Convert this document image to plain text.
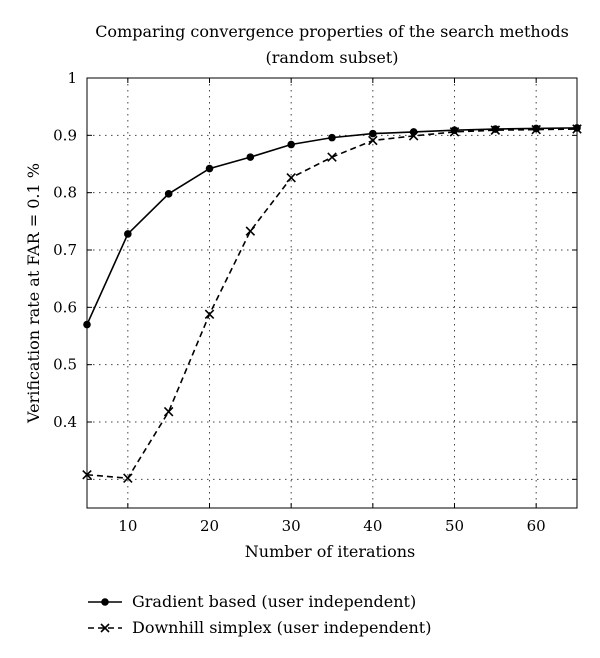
Comparing convergence properties of the search methods
(random subset)
10	20	30	40	50	60
0.4
0.5
0.6
0.7
0.8
0.9
1
Number of iterations
Verification rate at FAR = 0.1 %
Gradient based (user independent)
Downhill simplex (user independent)
